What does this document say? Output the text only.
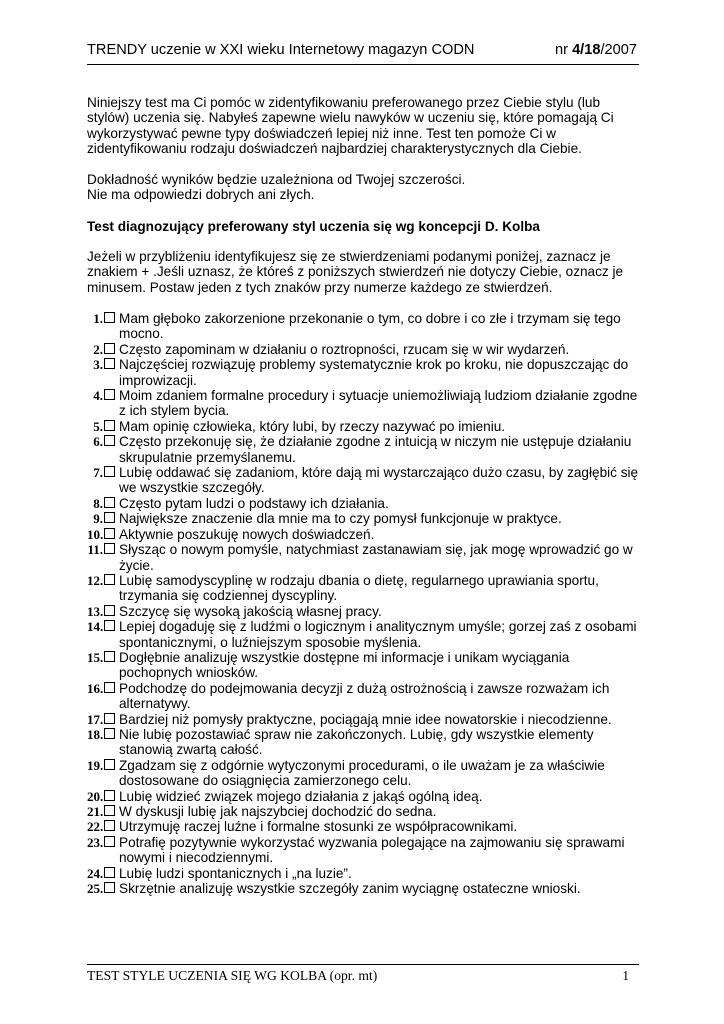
TRENDY uczenie w XXI wieku Internetowy magazyn CODN	nr 4/18/2007
Niniejszy test ma Ci pomóc w zidentyfikowaniu preferowanego przez Ciebie stylu (lub stylów) uczenia się. Nabyłeś zapewne wielu nawyków w uczeniu się, które pomagają Ci wykorzystywać pewne typy doświadczeń lepiej niż inne. Test ten pomoże Ci w zidentyfikowaniu rodzaju doświadczeń najbardziej charakterystycznych dla Ciebie.
Dokładność wyników będzie uzależniona od Twojej szczerości.
Nie ma odpowiedzi dobrych ani złych.
Test diagnozujący preferowany styl uczenia się wg koncepcji D. Kolba
Jeżeli w przybliżeniu identyfikujesz się ze stwierdzeniami podanymi poniżej, zaznacz je znakiem + .Jeśli uznasz, że któreś z poniższych stwierdzeń nie dotyczy Ciebie, oznacz je minusem. Postaw jeden z tych znaków przy numerze każdego ze stwierdzeń.
1. Mam głęboko zakorzenione przekonanie o tym, co dobre i co złe i trzymam się tego
mocno.
2. Często zapominam w działaniu o roztropności, rzucam się w wir wydarzeń.
3. Najczęściej rozwiązuję problemy systematycznie krok po kroku, nie dopuszczając do
improwizacji.
4. Moim zdaniem formalne procedury i sytuacje uniemożliwiają ludziom działanie zgodne
z ich stylem bycia.
5. Mam opinię człowieka, który lubi, by rzeczy nazywać po imieniu.
6. Często przekonuję się, że działanie zgodne z intuicją w niczym nie ustępuje działaniu
skrupulatnie przemyślanemu.
7. Lubię oddawać się zadaniom, które dają mi wystarczająco dużo czasu, by zagłębić się
we wszystkie szczegóły.
8. Często pytam ludzi o podstawy ich działania.
9. Największe znaczenie dla mnie ma to czy pomysł funkcjonuje w praktyce.
10. Aktywnie poszukuję nowych doświadczeń.
11. Słysząc o nowym pomyśle, natychmiast zastanawiam się, jak mogę wprowadzić go w
życie.
12. Lubię samodyscyplinę w rodzaju dbania o dietę, regularnego uprawiania sportu,
trzymania się codziennej dyscypliny.
13. Szczycę się wysoką jakością własnej pracy.
14. Lepiej dogaduję się z ludźmi o logicznym i analitycznym umyśle; gorzej zaś z osobami
spontanicznymi, o luźniejszym sposobie myślenia.
15. Dogłębnie analizuję wszystkie dostępne mi informacje i unikam wyciągania
pochopnych wniosków.
16. Podchodzę do podejmowania decyzji z dużą ostrożnością i zawsze rozważam ich
alternatywy.
17. Bardziej niż pomysły praktyczne, pociągają mnie idee nowatorskie i niecodzienne.
18. Nie lubię pozostawiać spraw nie zakończonych. Lubię, gdy wszystkie elementy
stanowią zwartą całość.
19. Zgadzam się z odgórnie wytyczonymi procedurami, o ile uważam je za właściwie
dostosowane do osiągnięcia zamierzonego celu.
20. Lubię widzieć związek mojego działania z jakąś ogólną ideą.
21. W dyskusji lubię jak najszybciej dochodzić do sedna.
22. Utrzymuję raczej luźne i formalne stosunki ze współpracownikami.
23. Potrafię pozytywnie wykorzystać wyzwania polegające na zajmowaniu się sprawami
nowymi i niecodziennymi.
24. Lubię ludzi spontanicznych i „na luzie”.
25. Skrzętnie analizuję wszystkie szczegóły zanim wyciągnę ostateczne wnioski.
TEST STYLE UCZENIA SIĘ WG KOLBA (opr. mt)	1
